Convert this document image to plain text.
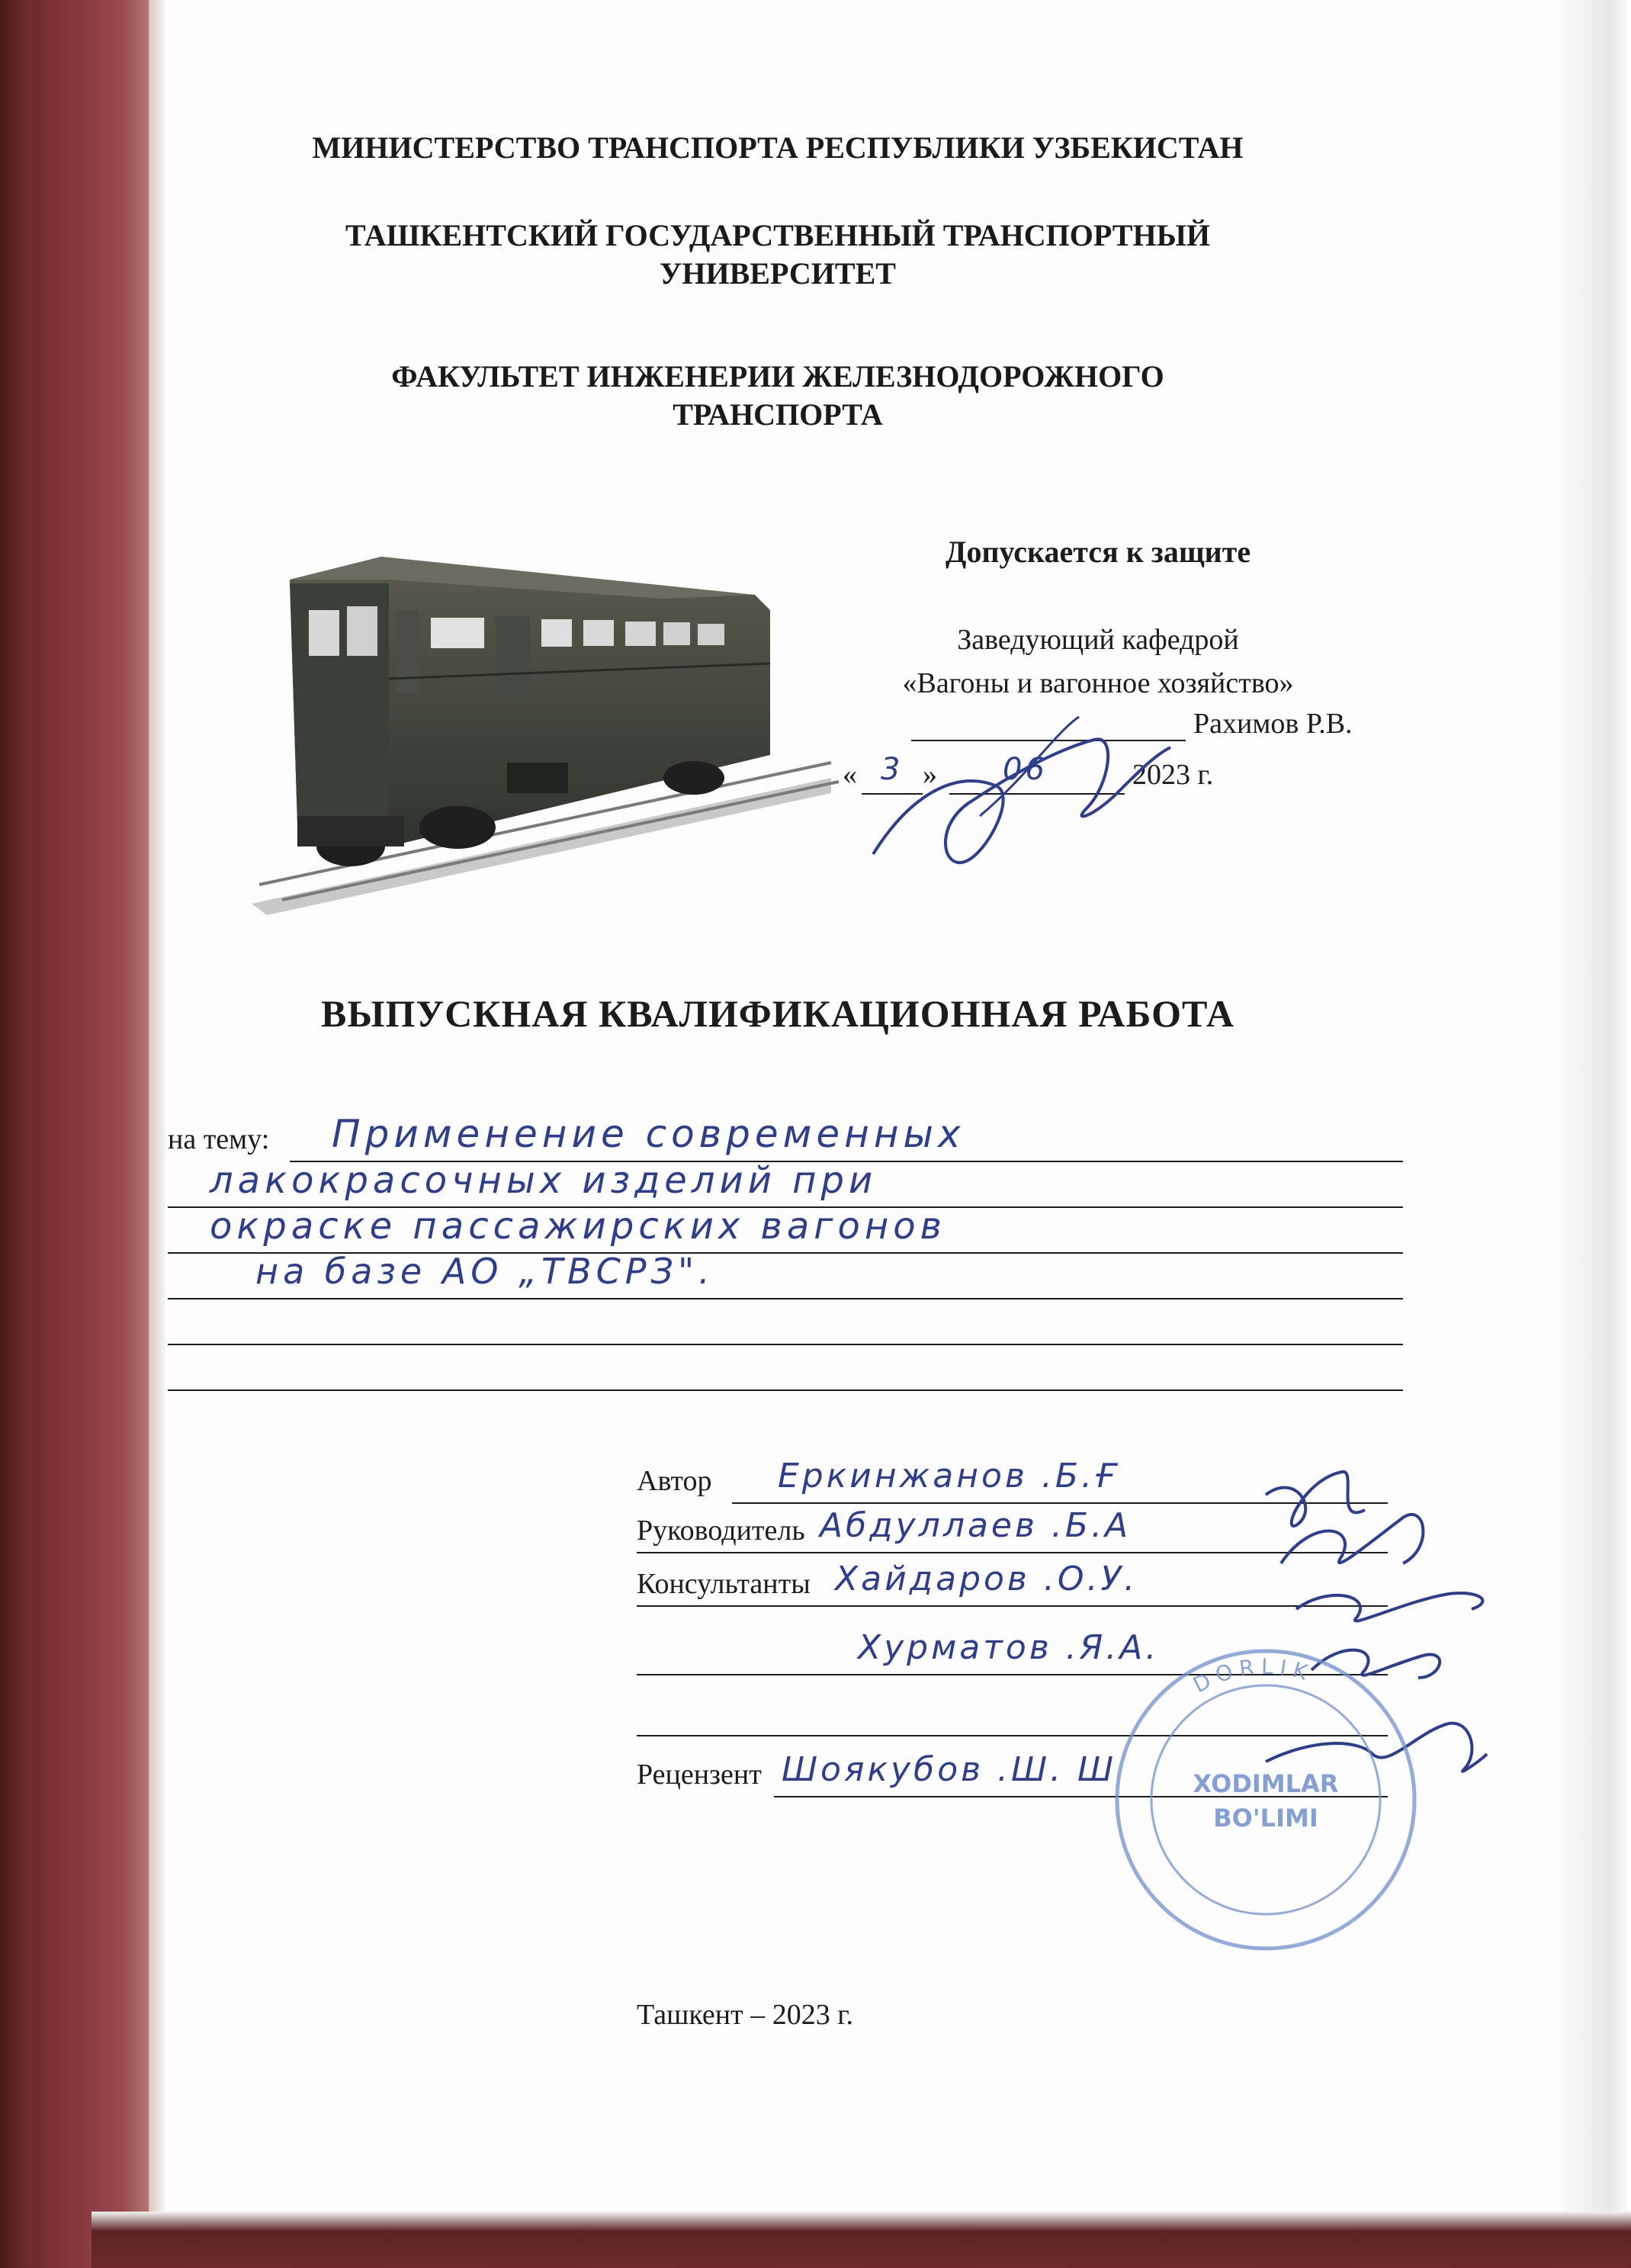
МИНИСТЕРСТВО ТРАНСПОРТА РЕСПУБЛИКИ УЗБЕКИСТАН
ТАШКЕНТСКИЙ ГОСУДАРСТВЕННЫЙ ТРАНСПОРТНЫЙ
УНИВЕРСИТЕТ
ФАКУЛЬТЕТ ИНЖЕНЕРИИ ЖЕЛЕЗНОДОРОЖНОГО
ТРАНСПОРТА
Допускается к защите
Заведующий кафедрой
«Вагоны и вагонное хозяйство»
Рахимов Р.В.
« 3 » 06	2023 г.
ВЫПУСКНАЯ КВАЛИФИКАЦИОННАЯ РАБОТА
на тему: Применение современных
лакокрасочных изделий при
окраске пассажирских вагонов
на базе АО „ТВСРЗ".
Автор Еркинжанов .Б.Ғ
Руководитель Абдуллаев .Б.А
Консультанты Хайдаров .О.У.
Хурматов .Я.А.
Рецензент Шоякубов .Ш. Ш
DORLIK
XODIMLAR
BO'LIMI
Ташкент – 2023 г.
